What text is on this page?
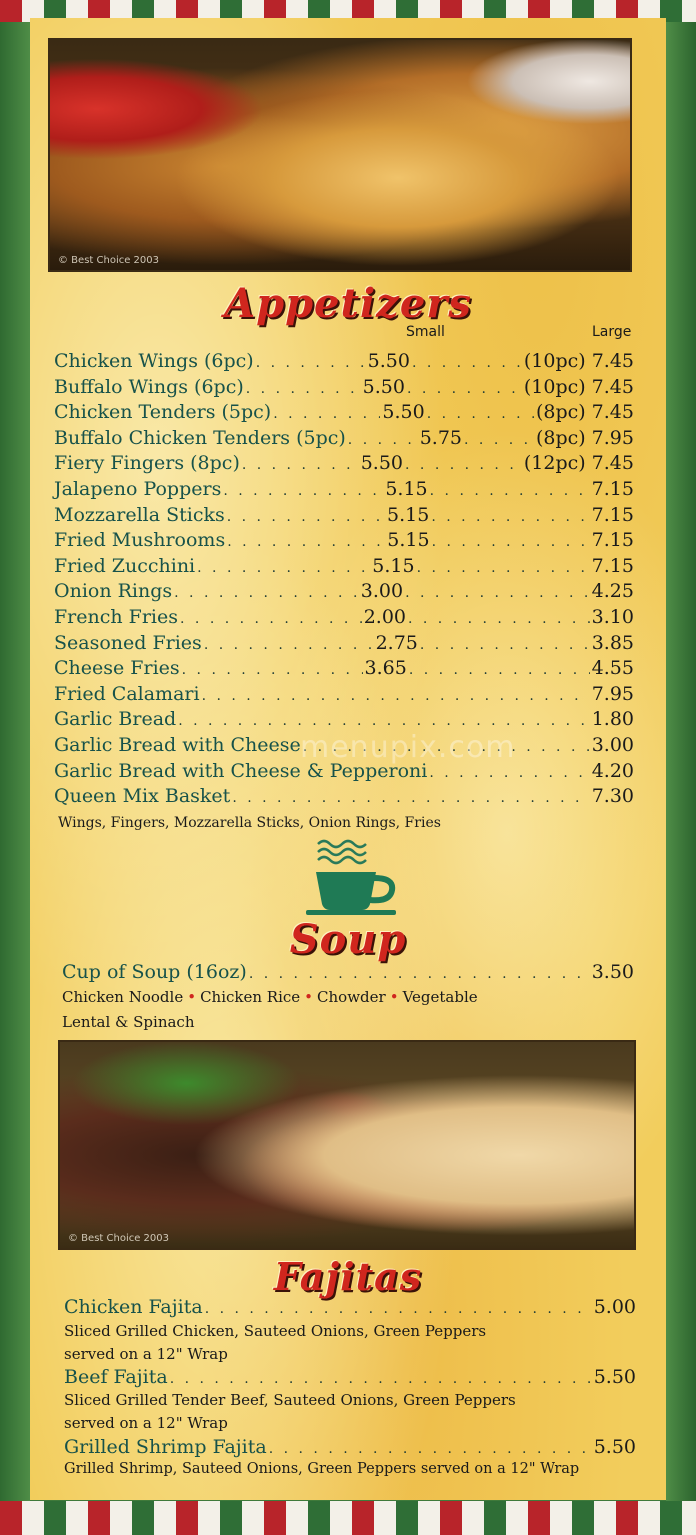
© Best Choice 2003
Appetizers
Small	Large
Chicken Wings (6pc) . . .	5.50 . . .	(10pc) 7.45
Buffalo Wings (6pc) . . .	5.50 . . .	(10pc) 7.45
Chicken Tenders (5pc) . . .	5.50 . . .	(8pc) 7.45
Buffalo Chicken Tenders (5pc) . . .	5.75 . . .	(8pc) 7.95
Fiery Fingers (8pc) . . .	5.50 . . .	(12pc) 7.45
Jalapeno Poppers . . .	5.15 . . .	7.15
Mozzarella Sticks . . .	5.15 . . .	7.15
Fried Mushrooms . . .	5.15 . . .	7.15
Fried Zucchini . . .	5.15 . . .	7.15
Onion Rings . . .	3.00 . . .	4.25
French Fries . . .	2.00 . . .	3.10
Seasoned Fries . . .	2.75 . . .	3.85
Cheese Fries . . .	3.65 . . .	4.55
Fried Calamari . . .	7.95
Garlic Bread . . .	1.80
Garlic Bread with Cheese . . .	3.00
Garlic Bread with Cheese & Pepperoni . . .	4.20
Queen Mix Basket . . .	7.30
Wings, Fingers, Mozzarella Sticks, Onion Rings, Fries
menupix.com
Soup
Cup of Soup (16oz) . . .	3.50
Chicken Noodle • Chicken Rice • Chowder • Vegetable
Lental & Spinach
© Best Choice 2003
Fajitas
Chicken Fajita . . .	5.00
Sliced Grilled Chicken, Sauteed Onions, Green Peppers
served on a 12" Wrap
Beef Fajita . . .	5.50
Sliced Grilled Tender Beef, Sauteed Onions, Green Peppers
served on a 12" Wrap
Grilled Shrimp Fajita . . .	5.50
Grilled Shrimp, Sauteed Onions, Green Peppers served on a 12" Wrap
